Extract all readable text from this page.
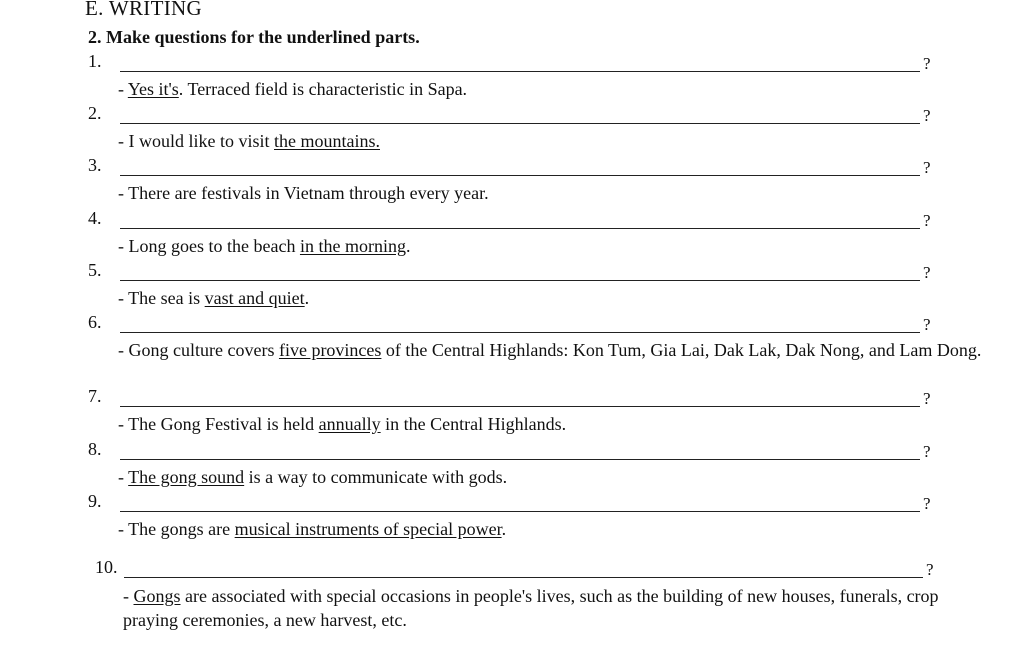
E. WRITING
2. Make questions for the underlined parts.
1.	?
- Yes it's. Terraced field is characteristic in Sapa.
2.	?
- I would like to visit the mountains.
3.	?
- There are festivals in Vietnam through every year.
4.	?
- Long goes to the beach in the morning.
5.	?
- The sea is vast and quiet.
6.	?
- Gong culture covers five provinces of the Central Highlands: Kon Tum, Gia Lai, Dak Lak, Dak Nong, and Lam Dong.
7.	?
- The Gong Festival is held annually in the Central Highlands.
8.	?
- The gong sound is a way to communicate with gods.
9.	?
- The gongs are musical instruments of special power.
10.	?
- Gongs are associated with special occasions in people's lives, such as the building of new houses, funerals, crop praying ceremonies, a new harvest, etc.
